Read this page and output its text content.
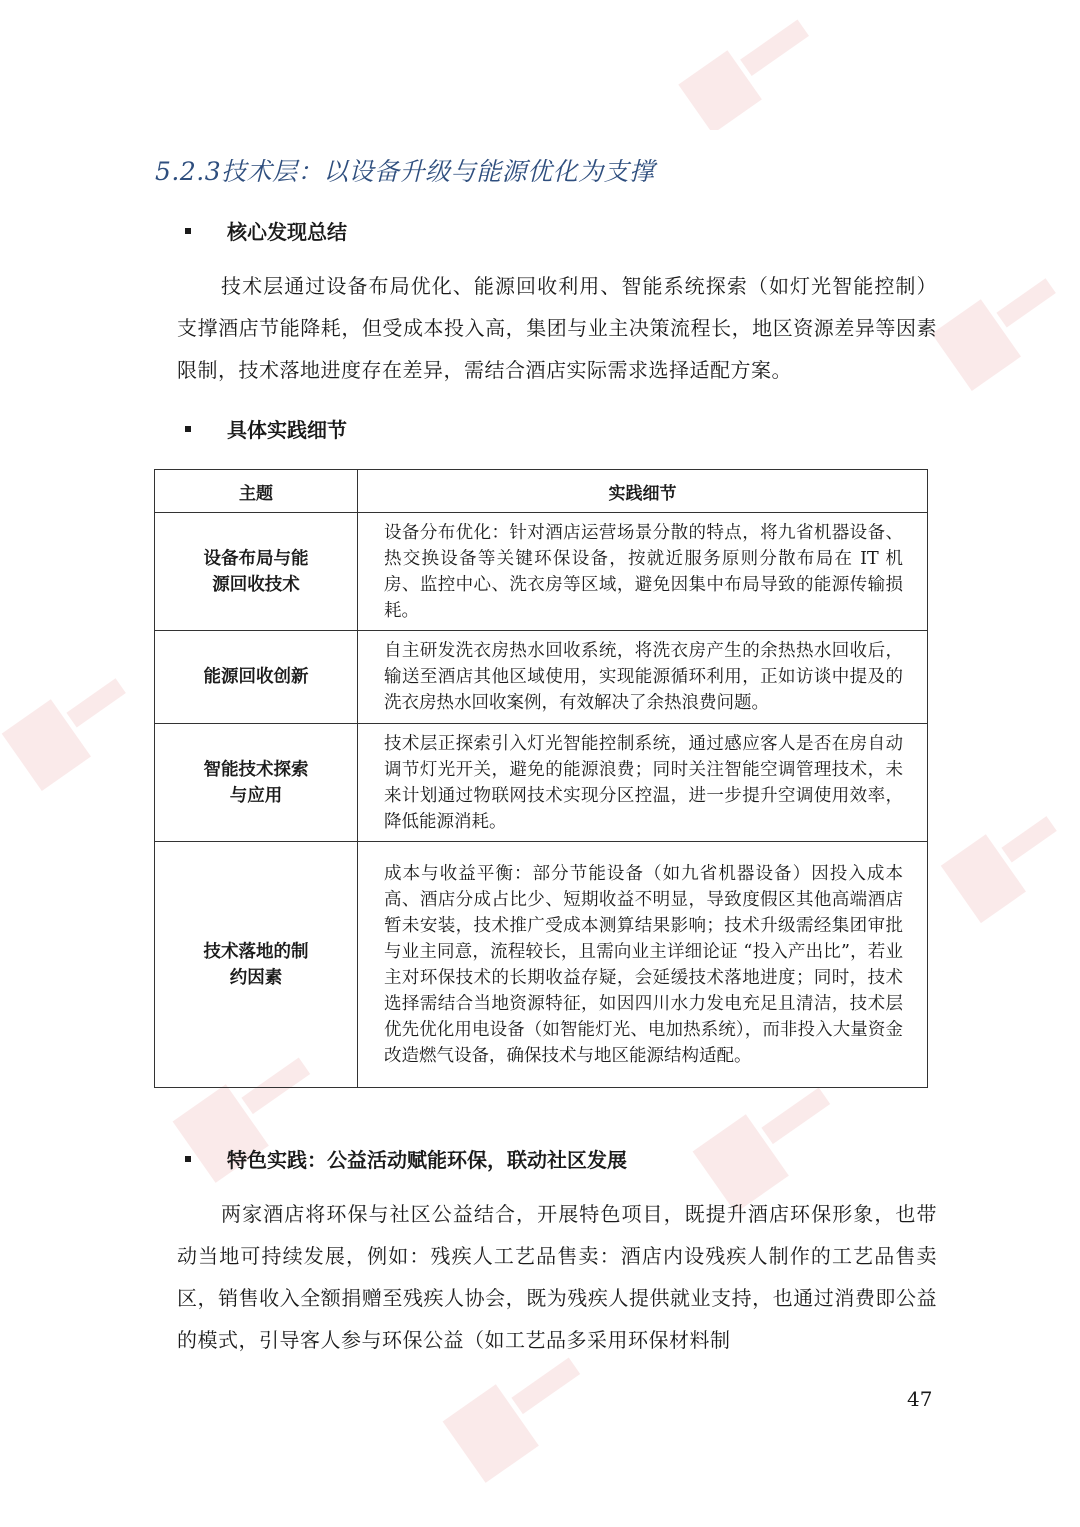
5.2.3技术层：以设备升级与能源优化为支撑
核心发现总结

技术层通过设备布局优化、能源回收利用、智能系统探索（如灯光智能控制）支撑酒店节能降耗，但受成本投入高，集团与业主决策流程长，地区资源差异等因素限制，技术落地进度存在差异，需结合酒店实际需求选择适配方案。

具体实践细节
主题	实践细节
设备布局与能
源回收技术	设备分布优化：针对酒店运营场景分散的特点，将九省机器设备、热交换设备等关键环保设备，按就近服务原则分散布局在 IT 机房、监控中心、洗衣房等区域，避免因集中布局导致的能源传输损耗。
能源回收创新	自主研发洗衣房热水回收系统，将洗衣房产生的余热热水回收后，输送至酒店其他区域使用，实现能源循环利用，正如访谈中提及的洗衣房热水回收案例，有效解决了余热浪费问题。
智能技术探索
与应用	技术层正探索引入灯光智能控制系统，通过感应客人是否在房自动调节灯光开关，避免的能源浪费；同时关注智能空调管理技术，未来计划通过物联网技术实现分区控温，进一步提升空调使用效率，降低能源消耗。
技术落地的制
约因素	成本与收益平衡：部分节能设备（如九省机器设备）因投入成本高、酒店分成占比少、短期收益不明显，导致度假区其他高端酒店暂未安装，技术推广受成本测算结果影响；技术升级需经集团审批与业主同意，流程较长，且需向业主详细论证 “投入产出比”，若业主对环保技术的长期收益存疑，会延缓技术落地进度；同时，技术选择需结合当地资源特征，如因四川水力发电充足且清洁，技术层优先优化用电设备（如智能灯光、电加热系统），而非投入大量资金改造燃气设备，确保技术与地区能源结构适配。
特色实践：公益活动赋能环保，联动社区发展

两家酒店将环保与社区公益结合，开展特色项目，既提升酒店环保形象，也带动当地可持续发展，例如：残疾人工艺品售卖：酒店内设残疾人制作的工艺品售卖区，销售收入全额捐赠至残疾人协会，既为残疾人提供就业支持，也通过消费即公益的模式，引导客人参与环保公益（如工艺品多采用环保材料制

47
